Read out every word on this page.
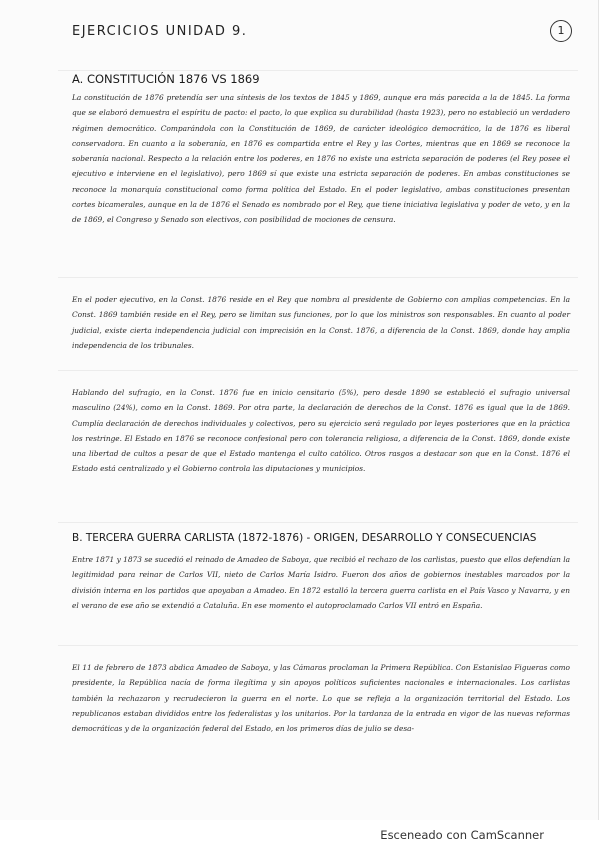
EJERCICIOS UNIDAD 9.	1
A. CONSTITUCIÓN 1876 VS 1869

La constitución de 1876 pretendía ser una síntesis de los textos de 1845 y 1869, aunque era más parecida a la de 1845. La forma que se elaboró demuestra el espíritu de pacto: el pacto, lo que explica su durabilidad (hasta 1923), pero no estableció un verdadero régimen democrático. Comparándola con la Constitución de 1869, de carácter ideológico democrático, la de 1876 es liberal conservadora. En cuanto a la soberanía, en 1876 es compartida entre el Rey y las Cortes, mientras que en 1869 se reconoce la soberanía nacional. Respecto a la relación entre los poderes, en 1876 no existe una estricta separación de poderes (el Rey posee el ejecutivo e interviene en el legislativo), pero 1869 sí que existe una estricta separación de poderes. En ambas constituciones se reconoce la monarquía constitucional como forma política del Estado. En el poder legislativo, ambas constituciones presentan cortes bicamerales, aunque en la de 1876 el Senado es nombrado por el Rey, que tiene iniciativa legislativa y poder de veto, y en la de 1869, el Congreso y Senado son electivos, con posibilidad de mociones de censura.

En el poder ejecutivo, en la Const. 1876 reside en el Rey que nombra al presidente de Gobierno con amplias competencias. En la Const. 1869 también reside en el Rey, pero se limitan sus funciones, por lo que los ministros son responsables. En cuanto al poder judicial, existe cierta independencia judicial con imprecisión en la Const. 1876, a diferencia de la Const. 1869, donde hay amplia independencia de los tribunales.

Hablando del sufragio, en la Const. 1876 fue en inicio censitario (5%), pero desde 1890 se estableció el sufragio universal masculino (24%), como en la Const. 1869. Por otra parte, la declaración de derechos de la Const. 1876 es igual que la de 1869. Cumplía declaración de derechos individuales y colectivos, pero su ejercicio será regulado por leyes posteriores que en la práctica los restringe. El Estado en 1876 se reconoce confesional pero con tolerancia religiosa, a diferencia de la Const. 1869, donde existe una libertad de cultos a pesar de que el Estado mantenga el culto católico. Otros rasgos a destacar son que en la Const. 1876 el Estado está centralizado y el Gobierno controla las diputaciones y municipios.

B. TERCERA GUERRA CARLISTA (1872-1876) - ORIGEN, DESARROLLO Y CONSECUENCIAS

Entre 1871 y 1873 se sucedió el reinado de Amadeo de Saboya, que recibió el rechazo de los carlistas, puesto que ellos defendían la legitimidad para reinar de Carlos VII, nieto de Carlos María Isidro. Fueron dos años de gobiernos inestables marcados por la división interna en los partidos que apoyaban a Amadeo. En 1872 estalló la tercera guerra carlista en el País Vasco y Navarra, y en el verano de ese año se extendió a Cataluña. En ese momento el autoproclamado Carlos VII entró en España.

El 11 de febrero de 1873 abdica Amadeo de Saboya, y las Cámaras proclaman la Primera República. Con Estanislao Figueras como presidente, la República nacía de forma ilegítima y sin apoyos políticos suficientes nacionales e internacionales. Los carlistas también la rechazaron y recrudecieron la guerra en el norte. Lo que se refleja a la organización territorial del Estado. Los republicanos estaban divididos entre los federalistas y los unitarios. Por la tardanza de la entrada en vigor de las nuevas reformas democráticas y de la organización federal del Estado, en los primeros días de julio se desa-

Esceneado con CamScanner
